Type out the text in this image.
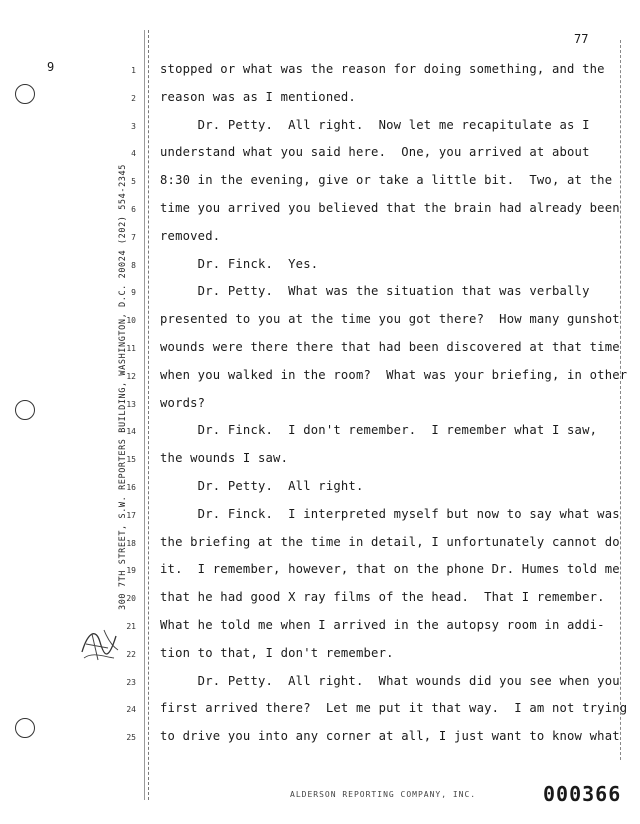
77
9
300 7TH STREET, S.W. REPORTERS BUILDING, WASHINGTON, D.C. 20024 (202) 554-2345
1
2
3
4
5
6
7
8
9
10
11
12
13
14
15
16
17
18
19
20
21
22
23
24
25
stopped or what was the reason for doing something, and the
reason was as I mentioned.
Dr. Petty.  All right.  Now let me recapitulate as I
understand what you said here.  One, you arrived at about
8:30 in the evening, give or take a little bit.  Two, at the
time you arrived you believed that the brain had already been
removed.
Dr. Finck.  Yes.
Dr. Petty.  What was the situation that was verbally
presented to you at the time you got there?  How many gunshot
wounds were there there that had been discovered at that time
when you walked in the room?  What was your briefing, in other
words?
Dr. Finck.  I don't remember.  I remember what I saw,
the wounds I saw.
Dr. Petty.  All right.
Dr. Finck.  I interpreted myself but now to say what was
the briefing at the time in detail, I unfortunately cannot do
it.  I remember, however, that on the phone Dr. Humes told me
that he had good X ray films of the head.  That I remember.
What he told me when I arrived in the autopsy room in addi-
tion to that, I don't remember.
Dr. Petty.  All right.  What wounds did you see when you
first arrived there?  Let me put it that way.  I am not trying
to drive you into any corner at all, I just want to know what
ALDERSON REPORTING COMPANY, INC.	000366
